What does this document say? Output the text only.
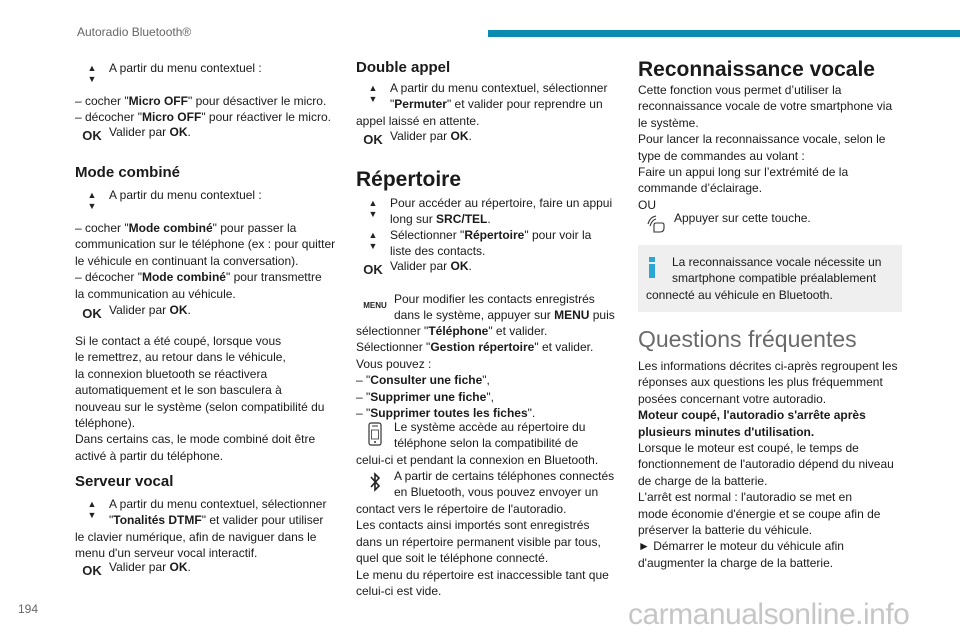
Autoradio Bluetooth®
▲
▼
A partir du menu contextuel :

– cocher "Micro OFF" pour désactiver le micro.

– décocher "Micro OFF" pour réactiver le micro.

OK Valider par OK.

Mode combiné

▲
▼
A partir du menu contextuel :

– cocher "Mode combiné" pour passer la
communication sur le téléphone (ex : pour quitter
le véhicule en continuant la conversation).
– décocher "Mode combiné" pour transmettre
la communication au véhicule.

OK Valider par OK.

Si le contact a été coupé, lorsque vous
le remettrez, au retour dans le véhicule,
la connexion bluetooth se réactivera
automatiquement et le son basculera à
nouveau sur le système (selon compatibilité du
téléphone).
Dans certains cas, le mode combiné doit être
activé à partir du téléphone.

Serveur vocal

▲
▼
A partir du menu contextuel, sélectionner
"Tonalités DTMF" et valider pour utiliser

le clavier numérique, afin de naviguer dans le
menu d'un serveur vocal interactif.

OK Valider par OK.

Double appel

▲
▼
A partir du menu contextuel, sélectionner
"Permuter" et valider pour reprendre un

appel laissé en attente.

OK Valider par OK.

Répertoire

▲
▼
Pour accéder au répertoire, faire un appui
long sur SRC/TEL.
▲
▼
Sélectionner "Répertoire" pour voir la
liste des contacts.
OK Valider par OK.
MENU Pour modifier les contacts enregistrés
dans le système, appuyer sur MENU puis

sélectionner "Téléphone" et valider.
Sélectionner "Gestion répertoire" et valider.
Vous pouvez :
– "Consulter une fiche",
– "Supprimer une fiche",
– "Supprimer toutes les fiches".

Le système accède au répertoire du
téléphone selon la compatibilité de

celui-ci et pendant la connexion en Bluetooth.

A partir de certains téléphones connectés
en Bluetooth, vous pouvez envoyer un

contact vers le répertoire de l'autoradio.
Les contacts ainsi importés sont enregistrés
dans un répertoire permanent visible par tous,
quel que soit le téléphone connecté.
Le menu du répertoire est inaccessible tant que
celui-ci est vide.

Reconnaissance vocale

Cette fonction vous permet d’utiliser la
reconnaissance vocale de votre smartphone via
le système.
Pour lancer la reconnaissance vocale, selon le
type de commandes au volant :
Faire un appui long sur l’extrémité de la
commande d’éclairage.
OU

Appuyer sur cette touche.
La reconnaissance vocale nécessite un
smartphone compatible préalablement
connecté au véhicule en Bluetooth.

Questions fréquentes

Les informations décrites ci-après regroupent les
réponses aux questions les plus fréquemment
posées concernant votre autoradio.
Moteur coupé, l'autoradio s'arrête après
plusieurs minutes d'utilisation.
Lorsque le moteur est coupé, le temps de
fonctionnement de l'autoradio dépend du niveau
de charge de la batterie.
L'arrêt est normal : l'autoradio se met en
mode économie d'énergie et se coupe afin de
préserver la batterie du véhicule.
► Démarrer le moteur du véhicule afin
d'augmenter la charge de la batterie.

194	carmanualsonline.info
